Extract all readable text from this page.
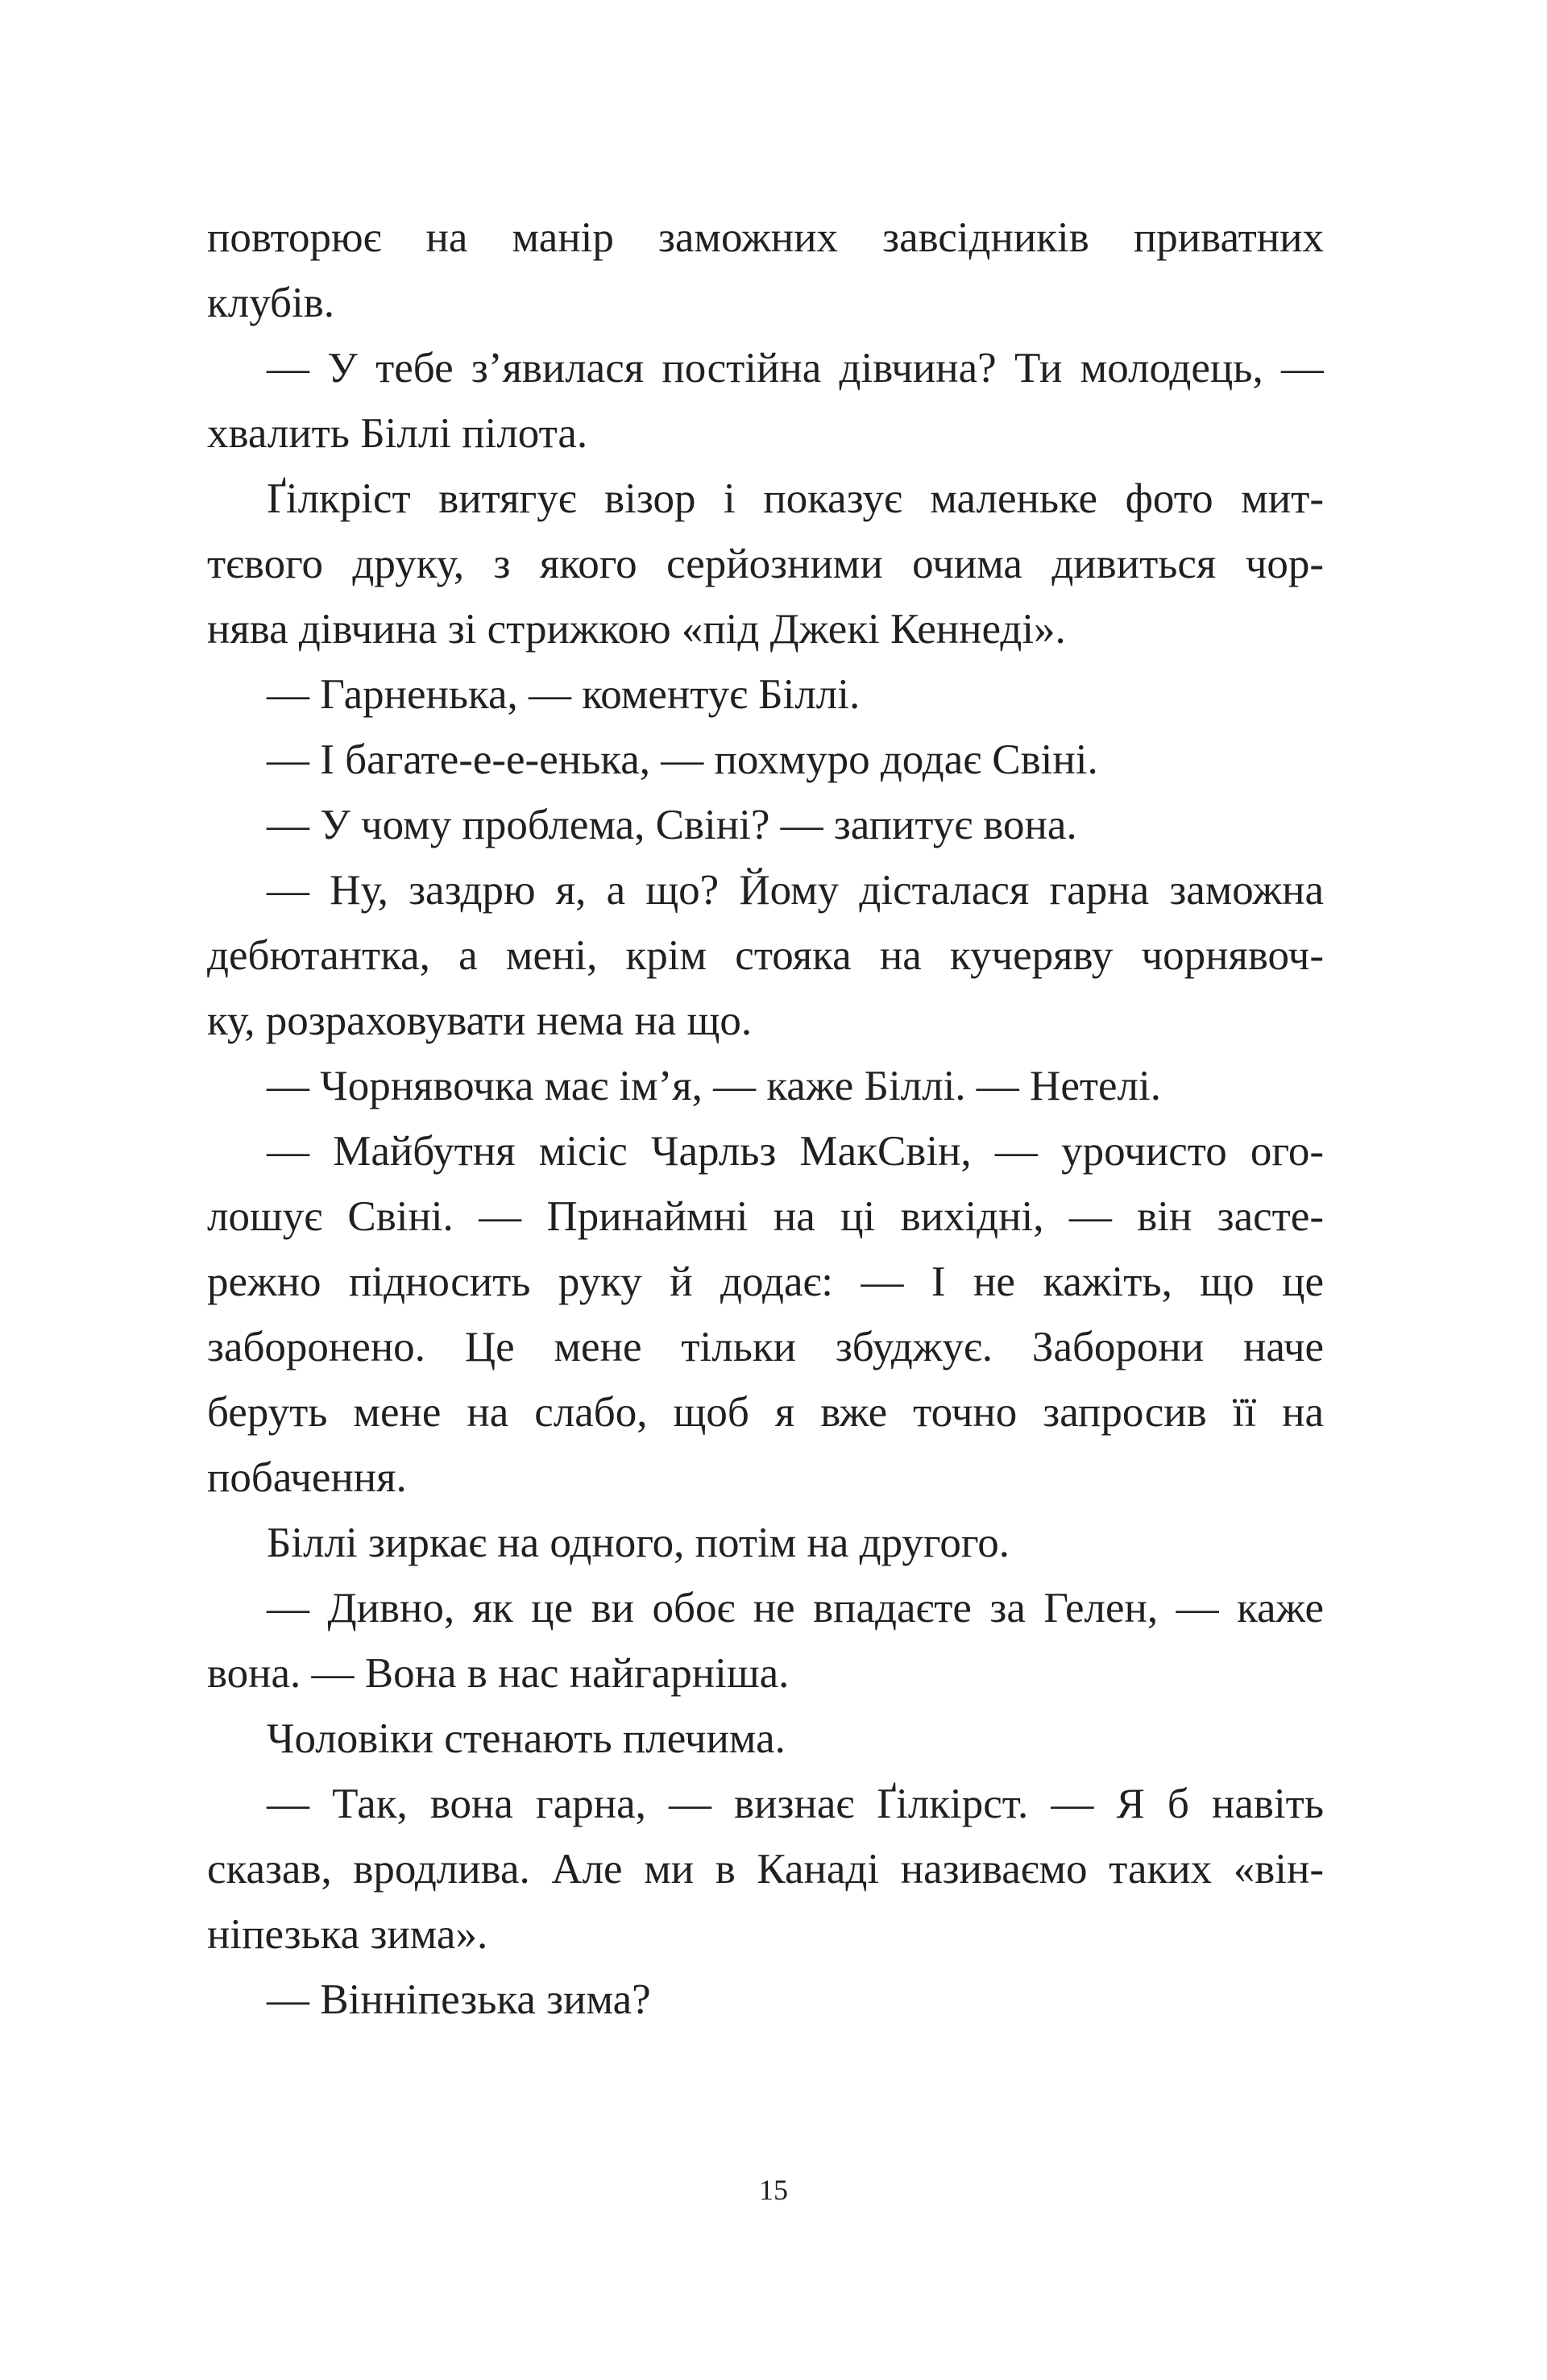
повторює на манір заможних завсідників приватних
клубів.
— У тебе з’явилася постійна дівчина? Ти молодець, —
хвалить Біллі пілота.
Ґілкріст витягує візор і показує маленьке фото мит-
тєвого друку, з якого серйозними очима дивиться чор-
нява дівчина зі стрижкою «під Джекі Кеннеді».
— Гарненька, — коментує Біллі.
— І багате-е-е-енька, — похмуро додає Свіні.
— У чому проблема, Свіні? — запитує вона.
— Ну, заздрю я, а що? Йому дісталася гарна заможна
дебютантка, а мені, крім стояка на кучеряву чорнявоч-
ку, розраховувати нема на що.
— Чорнявочка має ім’я, — каже Біллі. — Нетелі.
— Майбутня місіс Чарльз МакСвін, — урочисто ого-
лошує Свіні. — Принаймні на ці вихідні, — він засте-
режно підносить руку й додає: — І не кажіть, що це
заборонено. Це мене тільки збуджує. Заборони наче
беруть мене на слабо, щоб я вже точно запросив її на
побачення.
Біллі зиркає на одного, потім на другого.
— Дивно, як це ви обоє не впадаєте за Гелен, — каже
вона. — Вона в нас найгарніша.
Чоловіки стенають плечима.
— Так, вона гарна, — визнає Ґілкірст. — Я б навіть
сказав, вродлива. Але ми в Канаді називаємо таких «він-
ніпезька зима».
— Вінніпезька зима?
15
